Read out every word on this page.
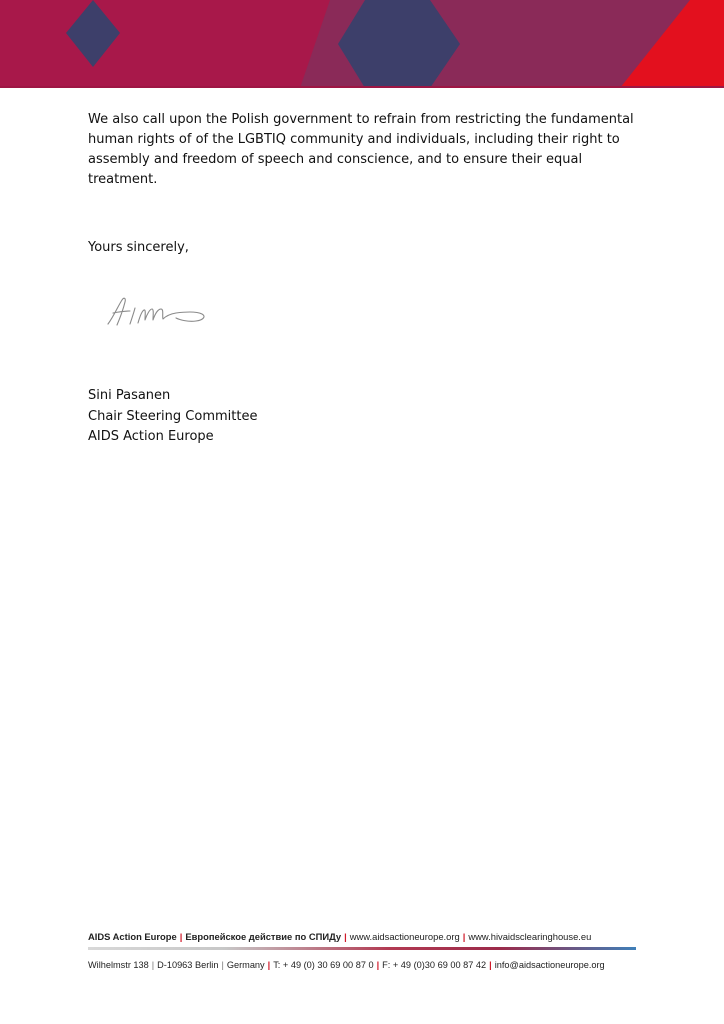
We also call upon the Polish government to refrain from restricting the fundamental human rights of of the LGBTIQ community and individuals, including their right to assembly and freedom of speech and conscience, and to ensure their equal treatment.

Yours sincerely,

Sini Pasanen
Chair Steering Committee
AIDS Action Europe
AIDS Action Europe | Европейское действие по СПИДу | www.aidsactioneurope.org | www.hivaidsclearinghouse.eu
Wilhelmstr 138 | D-10963 Berlin | Germany | T: + 49 (0) 30 69 00 87 0 | F: + 49 (0)30 69 00 87 42 | info@aidsactioneurope.org
